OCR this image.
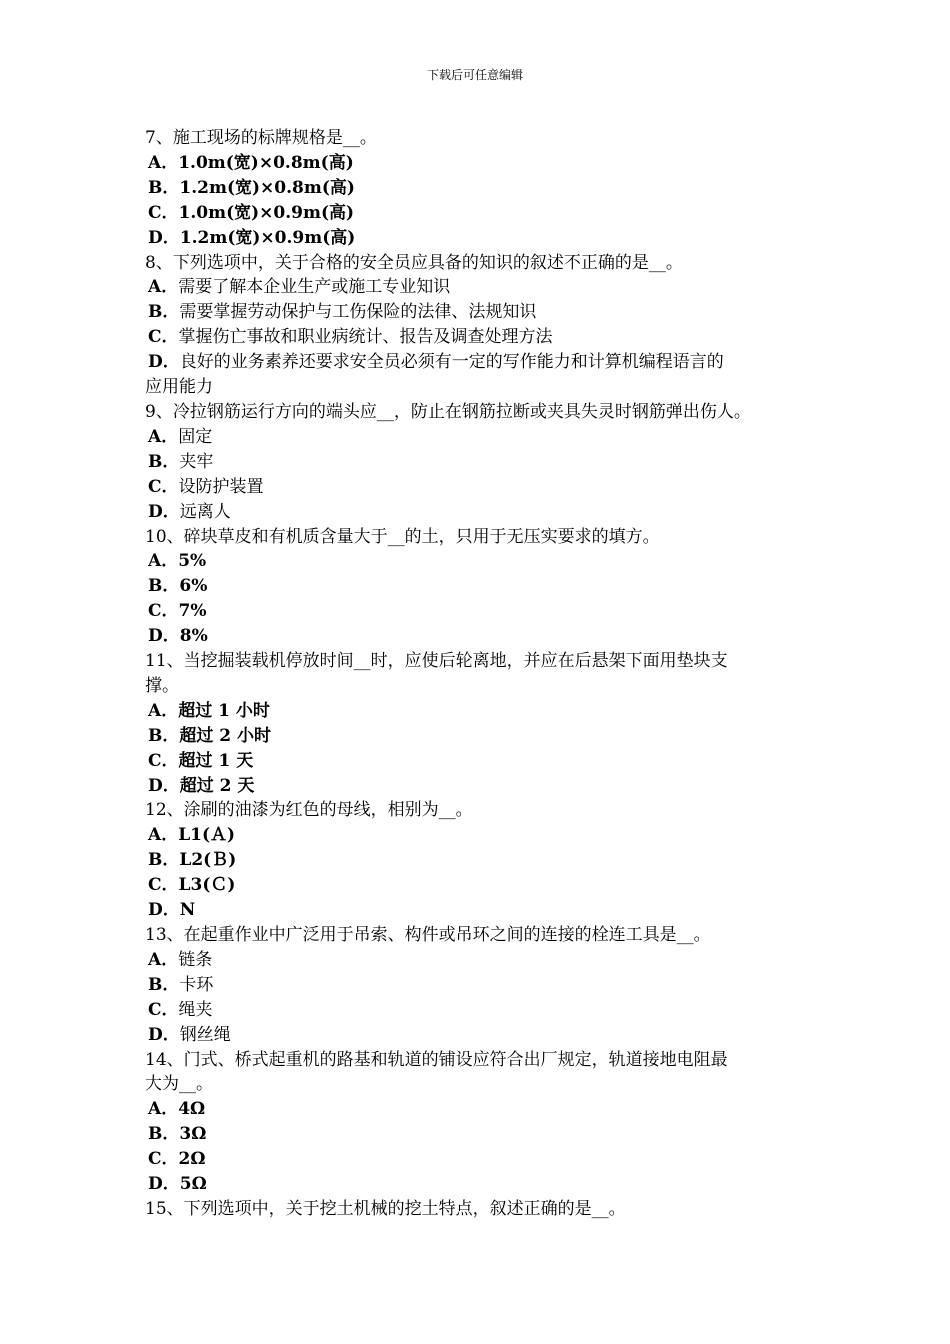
下载后可任意编辑
7、施工现场的标牌规格是__。
A．1.0m(宽)×0.8m(高)
B．1.2m(宽)×0.8m(高)
C．1.0m(宽)×0.9m(高)
D．1.2m(宽)×0.9m(高)
8、下列选项中，关于合格的安全员应具备的知识的叙述不正确的是__。
A．需要了解本企业生产或施工专业知识
B．需要掌握劳动保护与工伤保险的法律、法规知识
C．掌握伤亡事故和职业病统计、报告及调查处理方法
D．良好的业务素养还要求安全员必须有一定的写作能力和计算机编程语言的
应用能力
9、冷拉钢筋运行方向的端头应__，防止在钢筋拉断或夹具失灵时钢筋弹出伤人。
A．固定
B．夹牢
C．设防护装置
D．远离人
10、碎块草皮和有机质含量大于__的土，只用于无压实要求的填方。
A．5%
B．6%
C．7%
D．8%
11、当挖掘装载机停放时间__时，应使后轮离地，并应在后悬架下面用垫块支
撑。
A．超过 1 小时
B．超过 2 小时
C．超过 1 天
D．超过 2 天
12、涂刷的油漆为红色的母线，相别为__。
A．L1(Ａ)
B．L2(Ｂ)
C．L3(Ｃ)
D．N
13、在起重作业中广泛用于吊索、构件或吊环之间的连接的栓连工具是__。
A．链条
B．卡环
C．绳夹
D．钢丝绳
14、门式、桥式起重机的路基和轨道的铺设应符合出厂规定，轨道接地电阻最
大为__。
A．4Ω
B．3Ω
C．2Ω
D．5Ω
15、下列选项中，关于挖土机械的挖土特点，叙述正确的是__。
